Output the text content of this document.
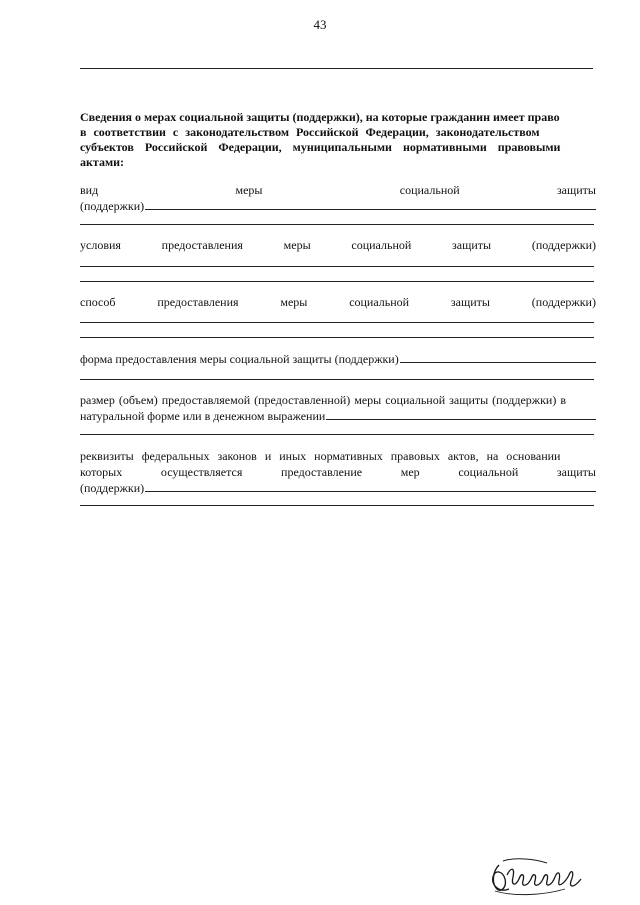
43
Сведения о мерах социальной защиты (поддержки), на которые гражданин имеет право
в соответствии с законодательством Российской Федерации, законодательством
субъектов Российской Федерации, муниципальными нормативными правовыми
актами:
вид	меры	социальной	защиты
(поддержки)
условия	предоставления	меры	социальной	защиты	(поддержки)
способ	предоставления	меры	социальной	защиты	(поддержки)
форма предоставления меры социальной защиты (поддержки)
размер (объем) предоставляемой (предоставленной) меры социальной защиты (поддержки) в
натуральной форме или в денежном выражении
реквизиты федеральных законов и иных нормативных правовых актов, на основании
которых	осуществляется	предоставление	мер	социальной	защиты
(поддержки)
